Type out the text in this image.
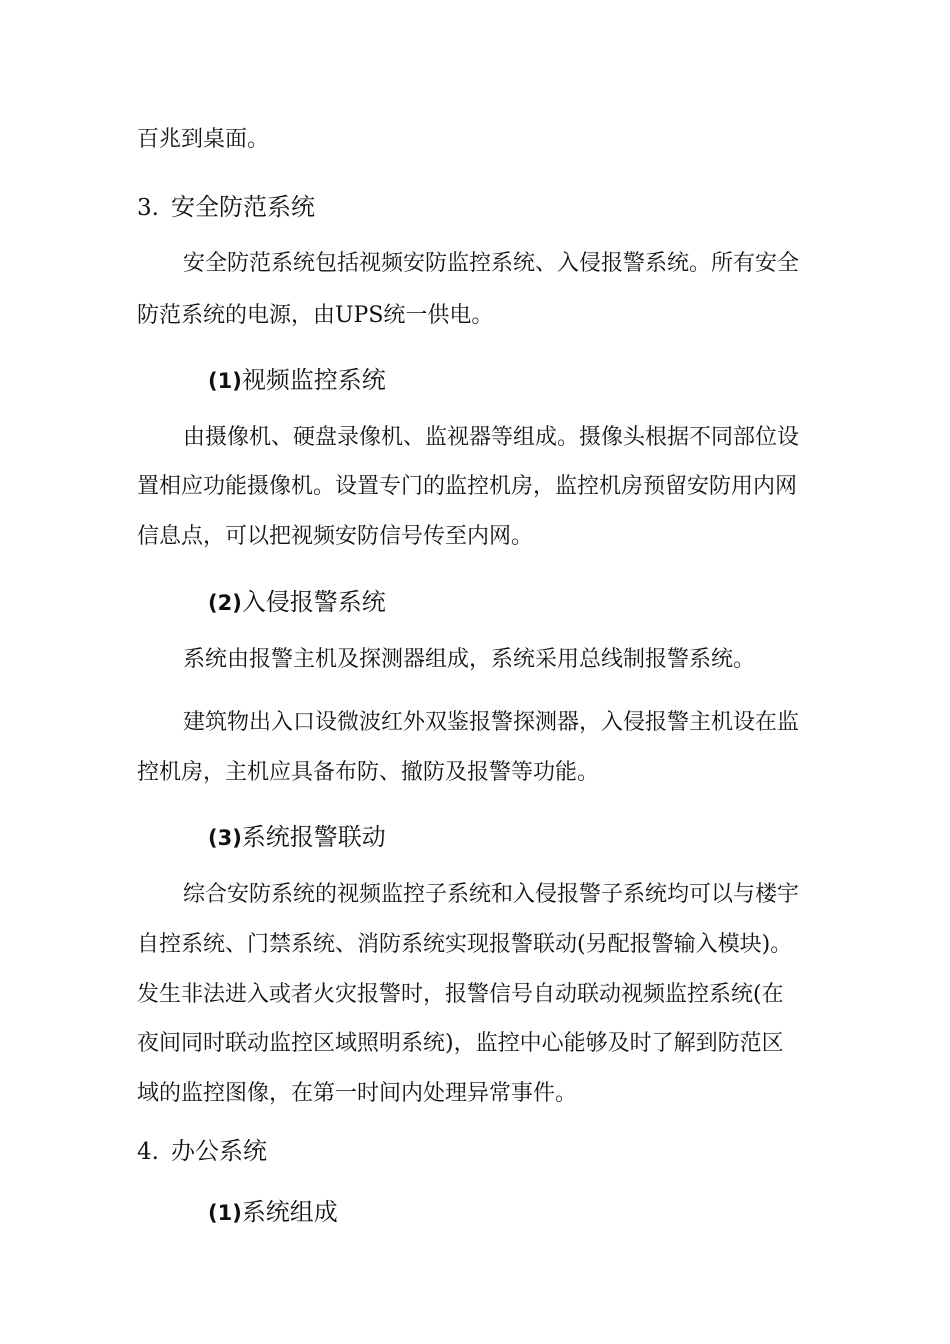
百兆到桌面。

3. 安全防范系统

安全防范系统包括视频安防监控系统、入侵报警系统。所有安全

防范系统的电源，由UPS统一供电。

(1)视频监控系统

由摄像机、硬盘录像机、监视器等组成。摄像头根据不同部位设

置相应功能摄像机。设置专门的监控机房，监控机房预留安防用内网

信息点，可以把视频安防信号传至内网。

(2)入侵报警系统

系统由报警主机及探测器组成，系统采用总线制报警系统。

建筑物出入口设微波红外双鉴报警探测器，入侵报警主机设在监

控机房，主机应具备布防、撤防及报警等功能。

(3)系统报警联动

综合安防系统的视频监控子系统和入侵报警子系统均可以与楼宇

自控系统、门禁系统、消防系统实现报警联动(另配报警输入模块)。

发生非法进入或者火灾报警时，报警信号自动联动视频监控系统(在

夜间同时联动监控区域照明系统)，监控中心能够及时了解到防范区

域的监控图像，在第一时间内处理异常事件。

4. 办公系统

(1)系统组成
